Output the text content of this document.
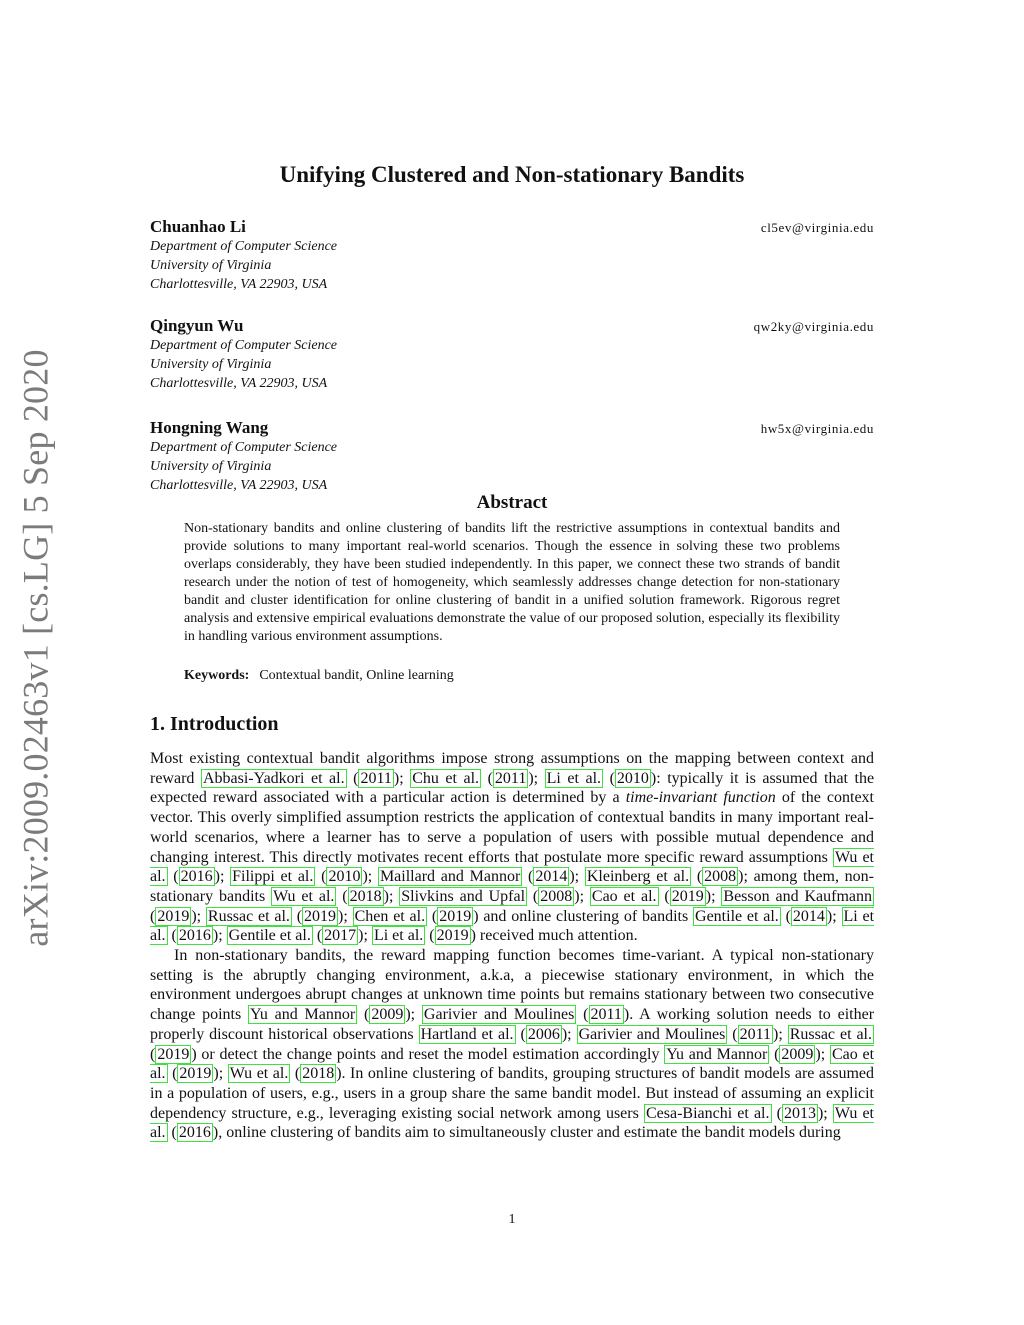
arXiv:2009.02463v1 [cs.LG] 5 Sep 2020
Unifying Clustered and Non-stationary Bandits
Chuanhao Li	cl5ev@virginia.edu
Department of Computer Science
University of Virginia
Charlottesville, VA 22903, USA
Qingyun Wu	qw2ky@virginia.edu
Department of Computer Science
University of Virginia
Charlottesville, VA 22903, USA
Hongning Wang	hw5x@virginia.edu
Department of Computer Science
University of Virginia
Charlottesville, VA 22903, USA
Abstract
Non-stationary bandits and online clustering of bandits lift the restrictive assumptions in contextual bandits and provide solutions to many important real-world scenarios. Though the essence in solving these two problems overlaps considerably, they have been studied independently. In this paper, we connect these two strands of bandit research under the notion of test of homogeneity, which seamlessly addresses change detection for non-stationary bandit and cluster identification for online clustering of bandit in a unified solution framework. Rigorous regret analysis and extensive empirical evaluations demonstrate the value of our proposed solution, especially its flexibility in handling various environment assumptions.
Keywords: Contextual bandit, Online learning
1. Introduction

Most existing contextual bandit algorithms impose strong assumptions on the mapping between context and reward Abbasi-Yadkori et al. ( 2011 ); Chu et al. ( 2011 ); Li et al. ( 2010 ): typically it is assumed that the expected reward associated with a particular action is determined by a time-invariant function of the context vector. This overly simplified assumption restricts the application of contextual bandits in many important real-world scenarios, where a learner has to serve a population of users with possible mutual dependence and changing interest. This directly motivates recent efforts that postulate more specific reward assumptions Wu et al. ( 2016 ); Filippi et al. ( 2010 ); Maillard and Mannor ( 2014 ); Kleinberg et al. ( 2008 ); among them, non-stationary bandits Wu et al. ( 2018 ); Slivkins and Upfal ( 2008 ); Cao et al. ( 2019 ); Besson and Kaufmann ( 2019 ); Russac et al. ( 2019 ); Chen et al. ( 2019 ) and online clustering of bandits Gentile et al. ( 2014 ); Li et al. ( 2016 ); Gentile et al. ( 2017 ); Li et al. ( 2019 ) received much attention.

In non-stationary bandits, the reward mapping function becomes time-variant. A typical non-stationary setting is the abruptly changing environment, a.k.a, a piecewise stationary environment, in which the environment undergoes abrupt changes at unknown time points but remains stationary between two consecutive change points Yu and Mannor ( 2009 ); Garivier and Moulines ( 2011 ). A working solution needs to either properly discount historical observations Hartland et al. ( 2006 ); Garivier and Moulines ( 2011 ); Russac et al. ( 2019 ) or detect the change points and reset the model estimation accordingly Yu and Mannor ( 2009 ); Cao et al. ( 2019 ); Wu et al. ( 2018 ). In online clustering of bandits, grouping structures of bandit models are assumed in a population of users, e.g., users in a group share the same bandit model. But instead of assuming an explicit dependency structure, e.g., leveraging existing social network among users Cesa-Bianchi et al. ( 2013 ); Wu et al. ( 2016 ), online clustering of bandits aim to simultaneously cluster and estimate the bandit models during

1
